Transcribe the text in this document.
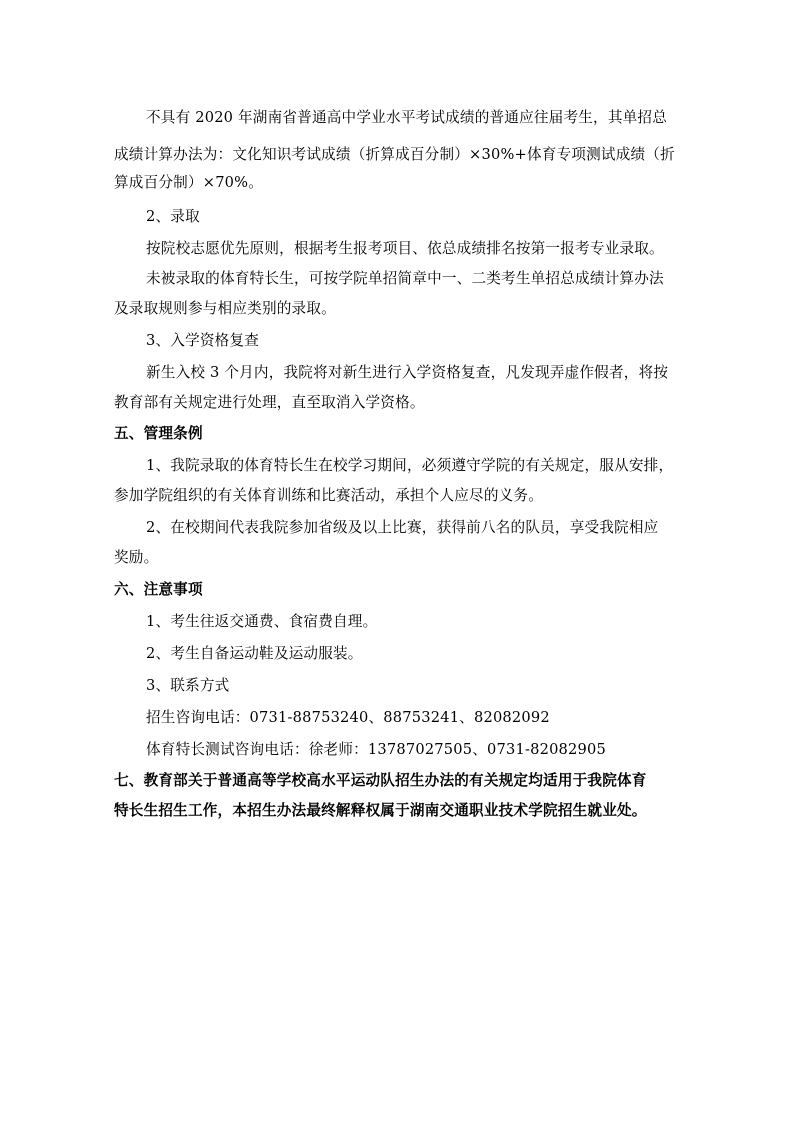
不具有 2020 年湖南省普通高中学业水平考试成绩的普通应往届考生，其单招总
成绩计算办法为：文化知识考试成绩（折算成百分制）×30%+体育专项测试成绩（折
算成百分制）×70%。
2、录取
按院校志愿优先原则，根据考生报考项目、依总成绩排名按第一报考专业录取。
未被录取的体育特长生，可按学院单招简章中一、二类考生单招总成绩计算办法
及录取规则参与相应类别的录取。
3、入学资格复查
新生入校 3 个月内，我院将对新生进行入学资格复查，凡发现弄虚作假者，将按
教育部有关规定进行处理，直至取消入学资格。
五、管理条例
1、我院录取的体育特长生在校学习期间，必须遵守学院的有关规定，服从安排，
参加学院组织的有关体育训练和比赛活动，承担个人应尽的义务。
2、在校期间代表我院参加省级及以上比赛，获得前八名的队员，享受我院相应
奖励。
六、注意事项
1、考生往返交通费、食宿费自理。
2、考生自备运动鞋及运动服装。
3、联系方式
招生咨询电话：0731-88753240、88753241、82082092
体育特长测试咨询电话：徐老师：13787027505、0731-82082905
七、教育部关于普通高等学校高水平运动队招生办法的有关规定均适用于我院体育
特长生招生工作，本招生办法最终解释权属于湖南交通职业技术学院招生就业处。
